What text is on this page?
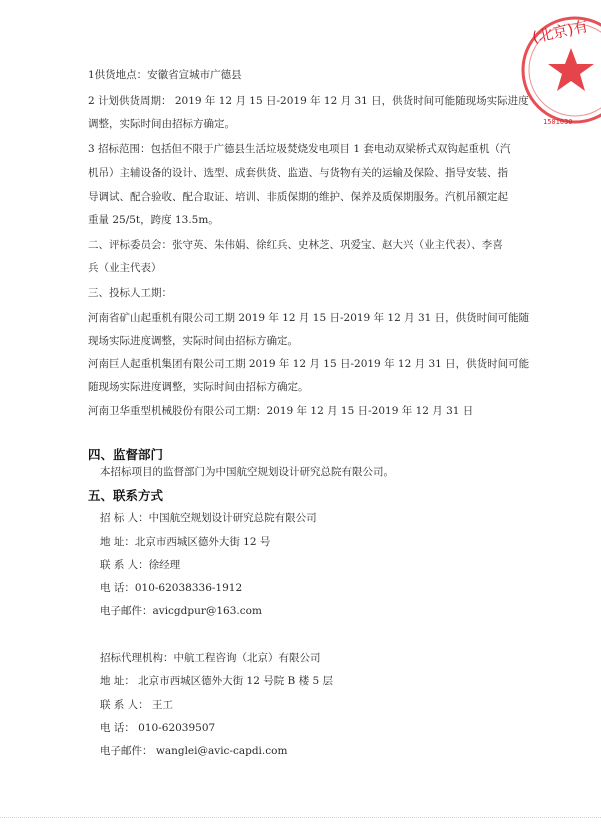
(北京)有
1501030
1供货地点：安徽省宣城市广德县
2 计划供货周期： 2019 年 12 月 15 日-2019 年 12 月 31 日，供货时间可能随现场实际进度
调整，实际时间由招标方确定。
3 招标范围：包括但不限于广德县生活垃圾焚烧发电项目 1 套电动双梁桥式双钩起重机（汽
机吊）主辅设备的设计、选型、成套供货、监造、与货物有关的运输及保险、指导安装、指
导调试、配合验收、配合取证、培训、非质保期的维护、保养及质保期服务。汽机吊额定起
重量 25/5t，跨度 13.5m。
二、评标委员会：张守英、朱伟娟、徐红兵、史林芝、巩爱宝、赵大兴（业主代表）、李喜
兵（业主代表）
三、投标人工期：
河南省矿山起重机有限公司工期 2019 年 12 月 15 日-2019 年 12 月 31 日，供货时间可能随
现场实际进度调整，实际时间由招标方确定。
河南巨人起重机集团有限公司工期 2019 年 12 月 15 日-2019 年 12 月 31 日，供货时间可能
随现场实际进度调整，实际时间由招标方确定。
河南卫华重型机械股份有限公司工期：2019 年 12 月 15 日-2019 年 12 月 31 日
四、监督部门
本招标项目的监督部门为中国航空规划设计研究总院有限公司。
五、联系方式
招 标 人：中国航空规划设计研究总院有限公司
地 址：北京市西城区德外大街 12 号
联 系 人：徐经理
电 话：010-62038336-1912
电子邮件：avicgdpur@163.com
招标代理机构：中航工程咨询（北京）有限公司
地 址： 北京市西城区德外大街 12 号院 B 楼 5 层
联 系 人： 王工
电 话： 010-62039507
电子邮件： wanglei@avic-capdi.com
